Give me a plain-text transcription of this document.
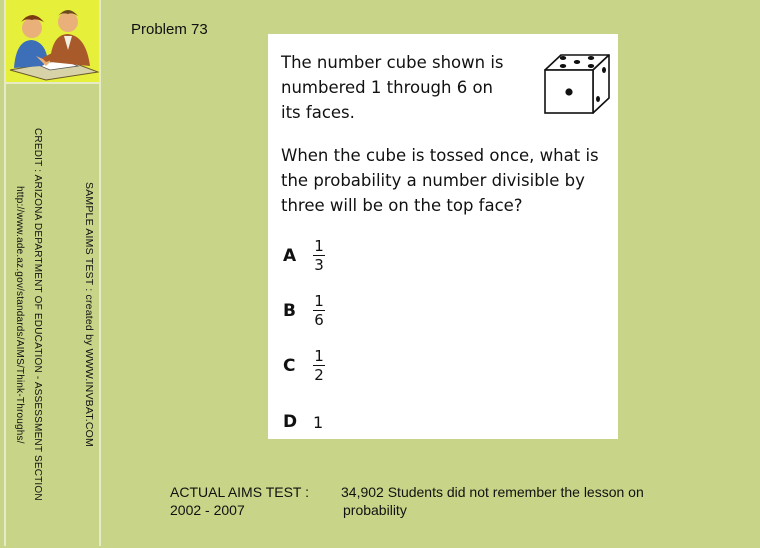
http://www.ade.az.gov/standards/AIMS/Think-Throughs/ CREDIT : ARIZONA DEPARTMENT OF EDUCATION - ASSESSMENT SECTION	SAMPLE AIMS TEST : created by WWW.INVBAT.COM
Problem 73
The number cube shown is numbered 1 through 6 on its faces.
When the cube is tossed once, what is the probability a number divisible by three will be on the top face?
A	$\frac{1}{3}$
B	$\frac{1}{6}$
C	$\frac{1}{2}$
D 1
ACTUAL AIMS TEST :
2002 - 2007
34,902 Students did not remember the lesson on
probability
